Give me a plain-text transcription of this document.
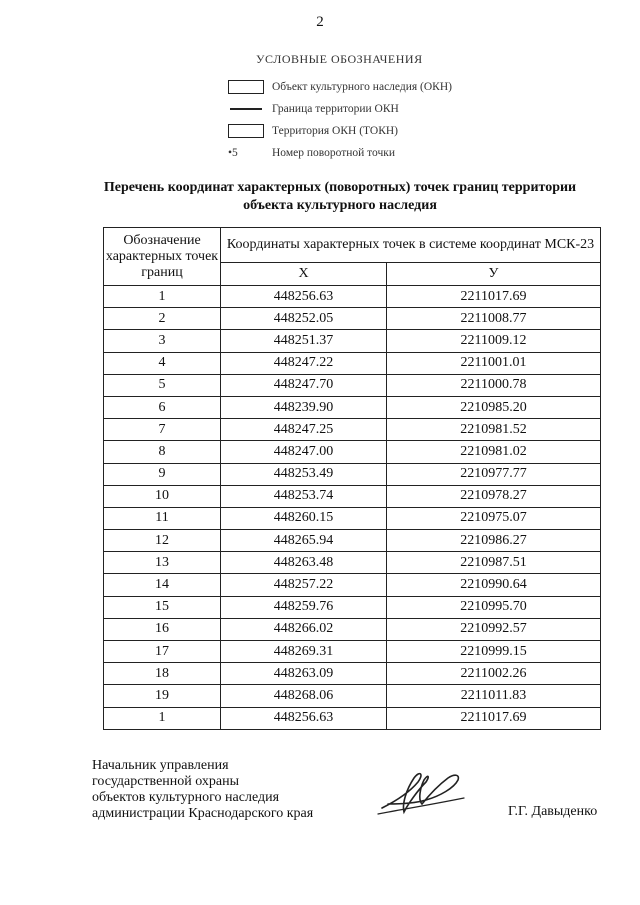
2
УСЛОВНЫЕ ОБОЗНАЧЕНИЯ
Объект культурного наследия (ОКН)
Граница территории ОКН
Территория ОКН (ТОКН)
•5	Номер поворотной точки
Перечень координат характерных (поворотных) точек границ территории
объекта культурного наследия
Обозначение характерных точек границ	Координаты характерных точек в системе координат МСК-23	
	Х	У
1	448256.63	2211017.69
2	448252.05	2211008.77
3	448251.37	2211009.12
4	448247.22	2211001.01
5	448247.70	2211000.78
6	448239.90	2210985.20
7	448247.25	2210981.52
8	448247.00	2210981.02
9	448253.49	2210977.77
10	448253.74	2210978.27
11	448260.15	2210975.07
12	448265.94	2210986.27
13	448263.48	2210987.51
14	448257.22	2210990.64
15	448259.76	2210995.70
16	448266.02	2210992.57
17	448269.31	2210999.15
18	448263.09	2211002.26
19	448268.06	2211011.83
1	448256.63	2211017.69
Начальник управления
государственной охраны
объектов культурного наследия
администрации Краснодарского края	Г.Г. Давыденко
